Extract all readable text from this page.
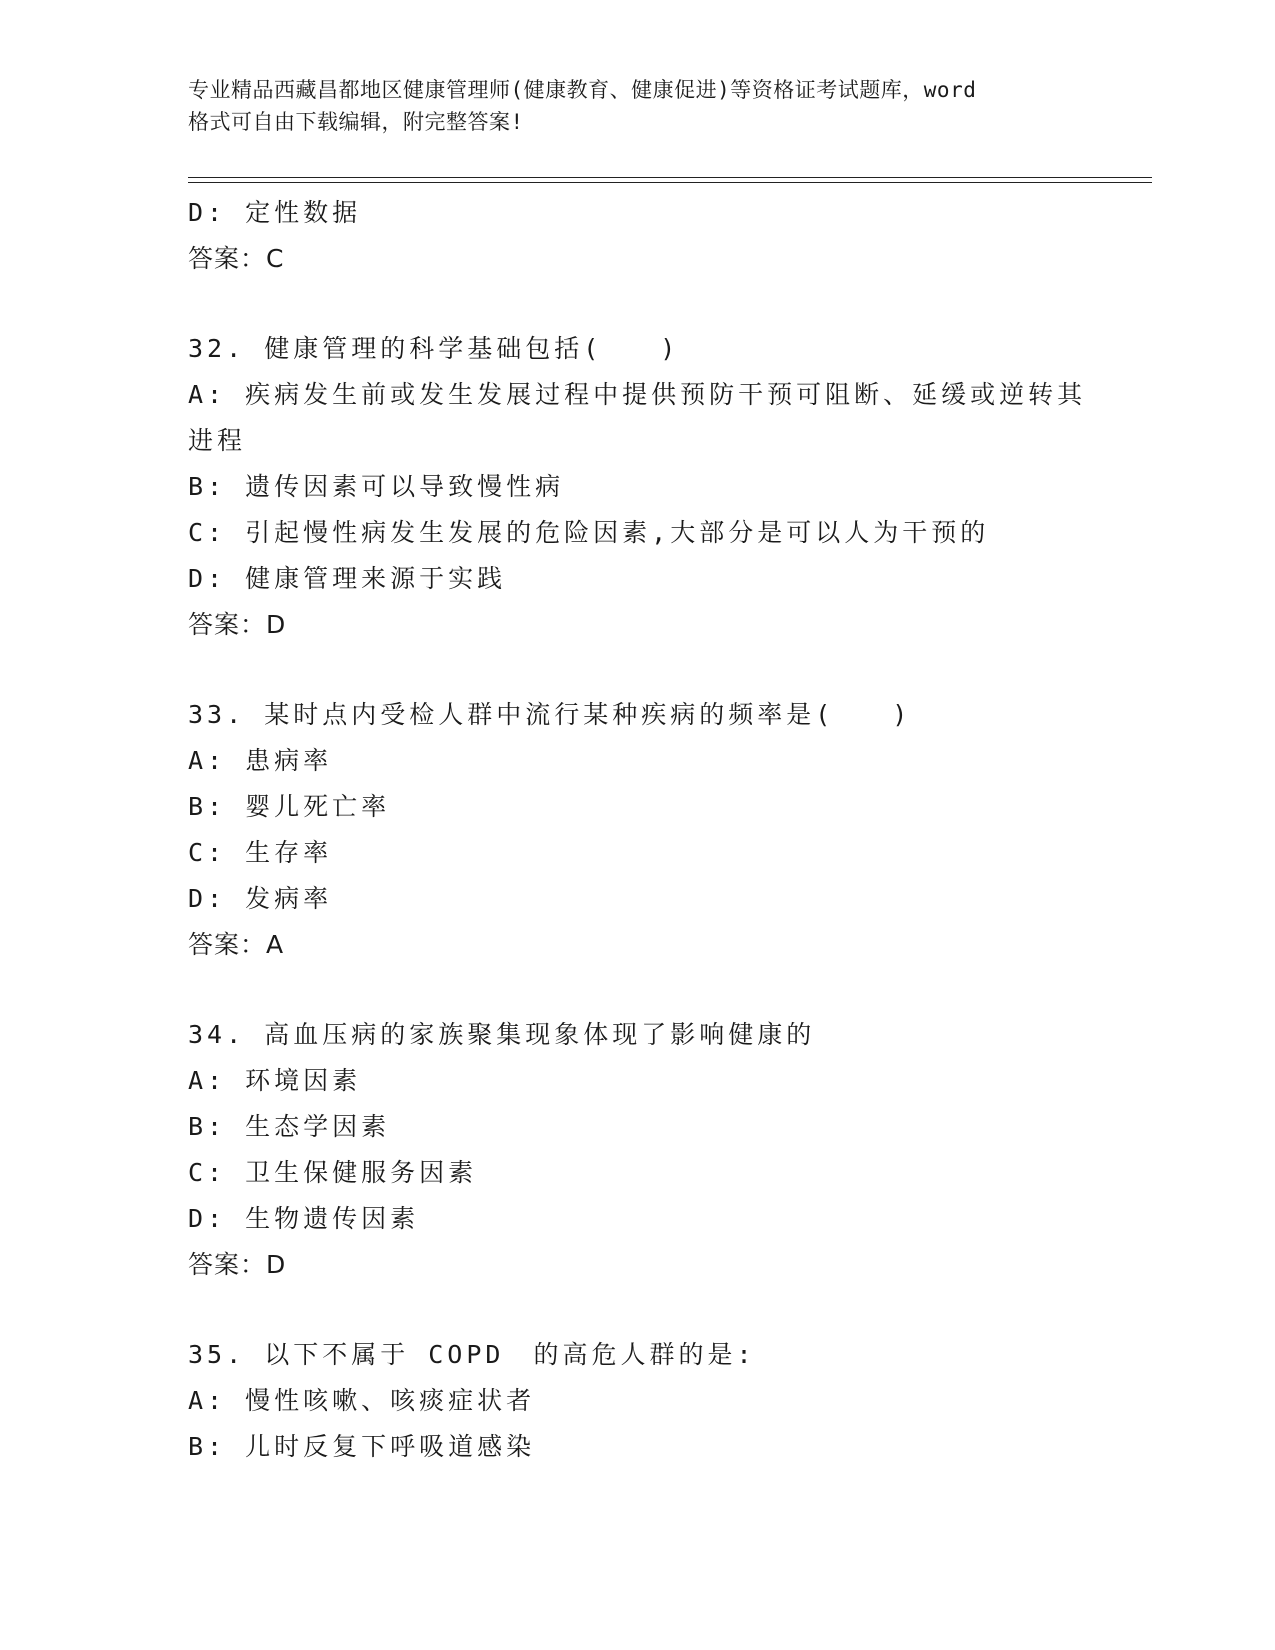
专业精品西藏昌都地区健康管理师(健康教育、健康促进)等资格证考试题库，word
格式可自由下载编辑，附完整答案!
D: 定性数据
答案：C
32. 健康管理的科学基础包括(　　)
A: 疾病发生前或发生发展过程中提供预防干预可阻断、延缓或逆转其
进程
B: 遗传因素可以导致慢性病
C: 引起慢性病发生发展的危险因素,大部分是可以人为干预的
D: 健康管理来源于实践
答案：D
33. 某时点内受检人群中流行某种疾病的频率是(　　)
A: 患病率
B: 婴儿死亡率
C: 生存率
D: 发病率
答案：A
34. 高血压病的家族聚集现象体现了影响健康的
A: 环境因素
B: 生态学因素
C: 卫生保健服务因素
D: 生物遗传因素
答案：D
35. 以下不属于 COPD　的高危人群的是:
A: 慢性咳嗽、咳痰症状者
B: 儿时反复下呼吸道感染
